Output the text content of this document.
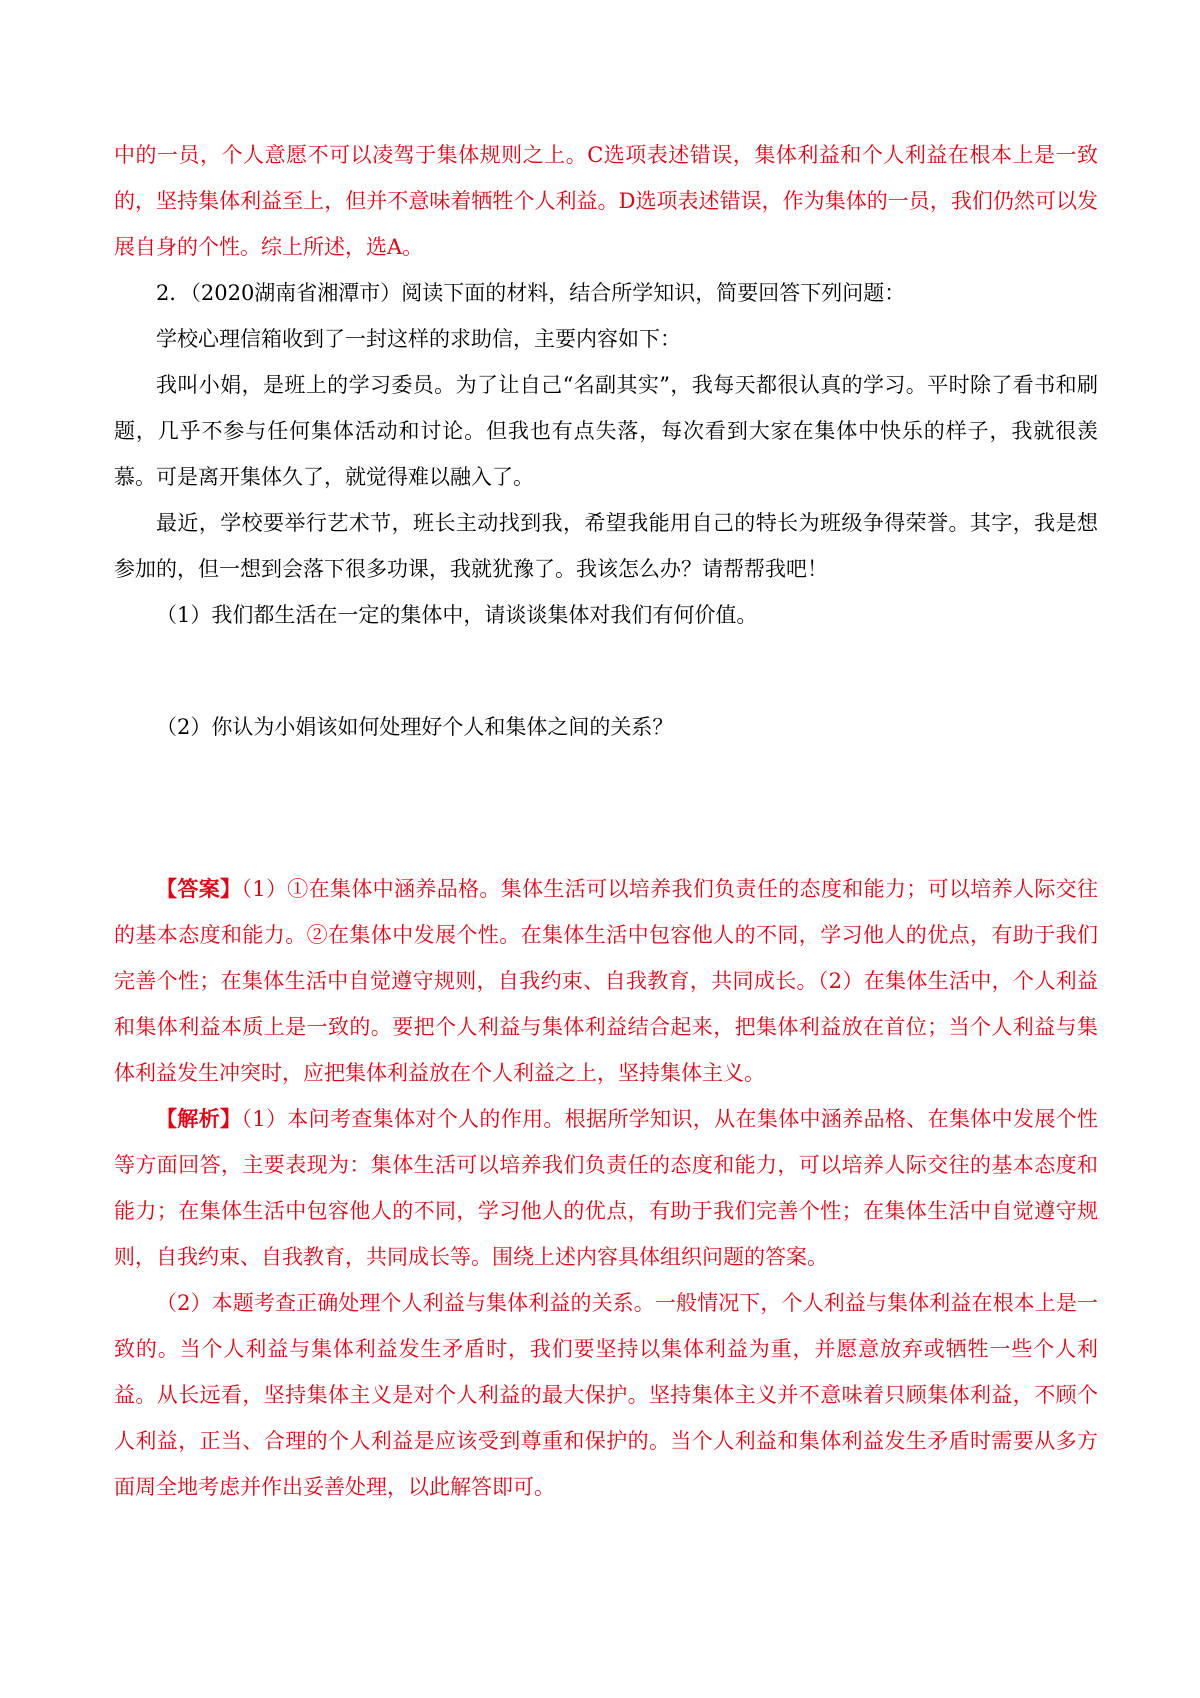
中的一员，个人意愿不可以凌驾于集体规则之上。C选项表述错误，集体利益和个人利益在根本上是一致的，坚持集体利益至上，但并不意味着牺牲个人利益。D选项表述错误，作为集体的一员，我们仍然可以发展自身的个性。综上所述，选A。

2．（2020湖南省湘潭市）阅读下面的材料，结合所学知识，简要回答下列问题：

学校心理信箱收到了一封这样的求助信，主要内容如下：

我叫小娟，是班上的学习委员。为了让自己“名副其实”，我每天都很认真的学习。平时除了看书和刷题，几乎不参与任何集体活动和讨论。但我也有点失落，每次看到大家在集体中快乐的样子，我就很羡慕。可是离开集体久了，就觉得难以融入了。

最近，学校要举行艺术节，班长主动找到我，希望我能用自己的特长为班级争得荣誉。其字，我是想参加的，但一想到会落下很多功课，我就犹豫了。我该怎么办？请帮帮我吧！

（1）我们都生活在一定的集体中，请谈谈集体对我们有何价值。

（2）你认为小娟该如何处理好个人和集体之间的关系？

【答案】（1）①在集体中涵养品格。集体生活可以培养我们负责任的态度和能力；可以培养人际交往的基本态度和能力。②在集体中发展个性。在集体生活中包容他人的不同，学习他人的优点，有助于我们完善个性；在集体生活中自觉遵守规则，自我约束、自我教育，共同成长。（2）在集体生活中，个人利益和集体利益本质上是一致的。要把个人利益与集体利益结合起来，把集体利益放在首位；当个人利益与集体利益发生冲突时，应把集体利益放在个人利益之上，坚持集体主义。

【解析】（1）本问考查集体对个人的作用。根据所学知识，从在集体中涵养品格、在集体中发展个性等方面回答，主要表现为：集体生活可以培养我们负责任的态度和能力，可以培养人际交往的基本态度和能力；在集体生活中包容他人的不同，学习他人的优点，有助于我们完善个性；在集体生活中自觉遵守规则，自我约束、自我教育，共同成长等。围绕上述内容具体组织问题的答案。

（2）本题考查正确处理个人利益与集体利益的关系。一般情况下，个人利益与集体利益在根本上是一致的。当个人利益与集体利益发生矛盾时，我们要坚持以集体利益为重，并愿意放弃或牺牲一些个人利益。从长远看，坚持集体主义是对个人利益的最大保护。坚持集体主义并不意味着只顾集体利益，不顾个人利益，正当、合理的个人利益是应该受到尊重和保护的。当个人利益和集体利益发生矛盾时需要从多方面周全地考虑并作出妥善处理，以此解答即可。
